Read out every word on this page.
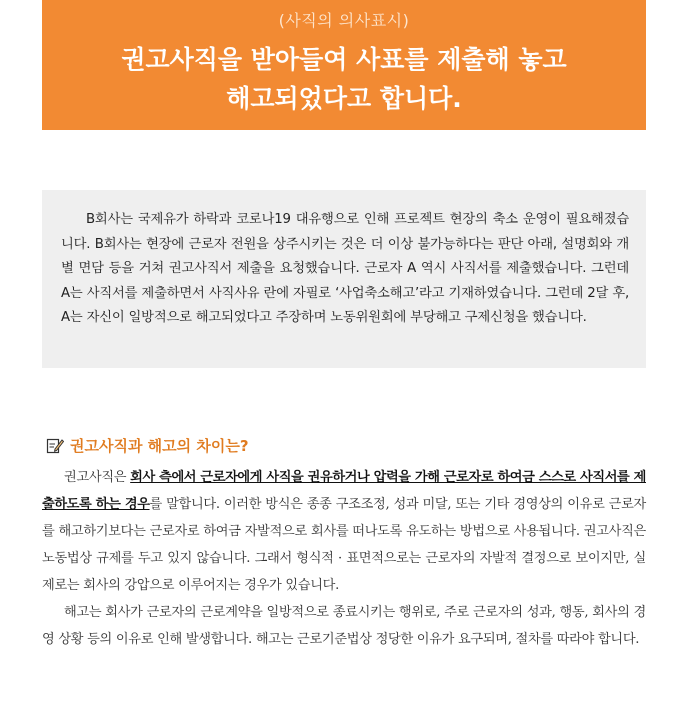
(사직의 의사표시)
권고사직을 받아들여 사표를 제출해 놓고
해고되었다고 합니다.

B회사는 국제유가 하락과 코로나19 대유행으로 인해 프로젝트 현장의 축소 운영이 필요해졌습니다. B회사는 현장에 근로자 전원을 상주시키는 것은 더 이상 불가능하다는 판단 아래, 설명회와 개별 면담 등을 거쳐 권고사직서 제출을 요청했습니다. 근로자 A 역시 사직서를 제출했습니다. 그런데 A는 사직서를 제출하면서 사직사유 란에 자필로 ‘사업축소해고’라고 기재하였습니다. 그런데 2달 후, A는 자신이 일방적으로 해고되었다고 주장하며 노동위원회에 부당해고 구제신청을 했습니다.

권고사직과 해고의 차이는?

권고사직은 회사 측에서 근로자에게 사직을 권유하거나 압력을 가해 근로자로 하여금 스스로 사직서를 제출하도록 하는 경우를 말합니다. 이러한 방식은 종종 구조조정, 성과 미달, 또는 기타 경영상의 이유로 근로자를 해고하기보다는 근로자로 하여금 자발적으로 회사를 떠나도록 유도하는 방법으로 사용됩니다. 권고사직은 노동법상 규제를 두고 있지 않습니다. 그래서 형식적 · 표면적으로는 근로자의 자발적 결정으로 보이지만, 실제로는 회사의 강압으로 이루어지는 경우가 있습니다.

해고는 회사가 근로자의 근로계약을 일방적으로 종료시키는 행위로, 주로 근로자의 성과, 행동, 회사의 경영 상황 등의 이유로 인해 발생합니다. 해고는 근로기준법상 정당한 이유가 요구되며, 절차를 따라야 합니다.
